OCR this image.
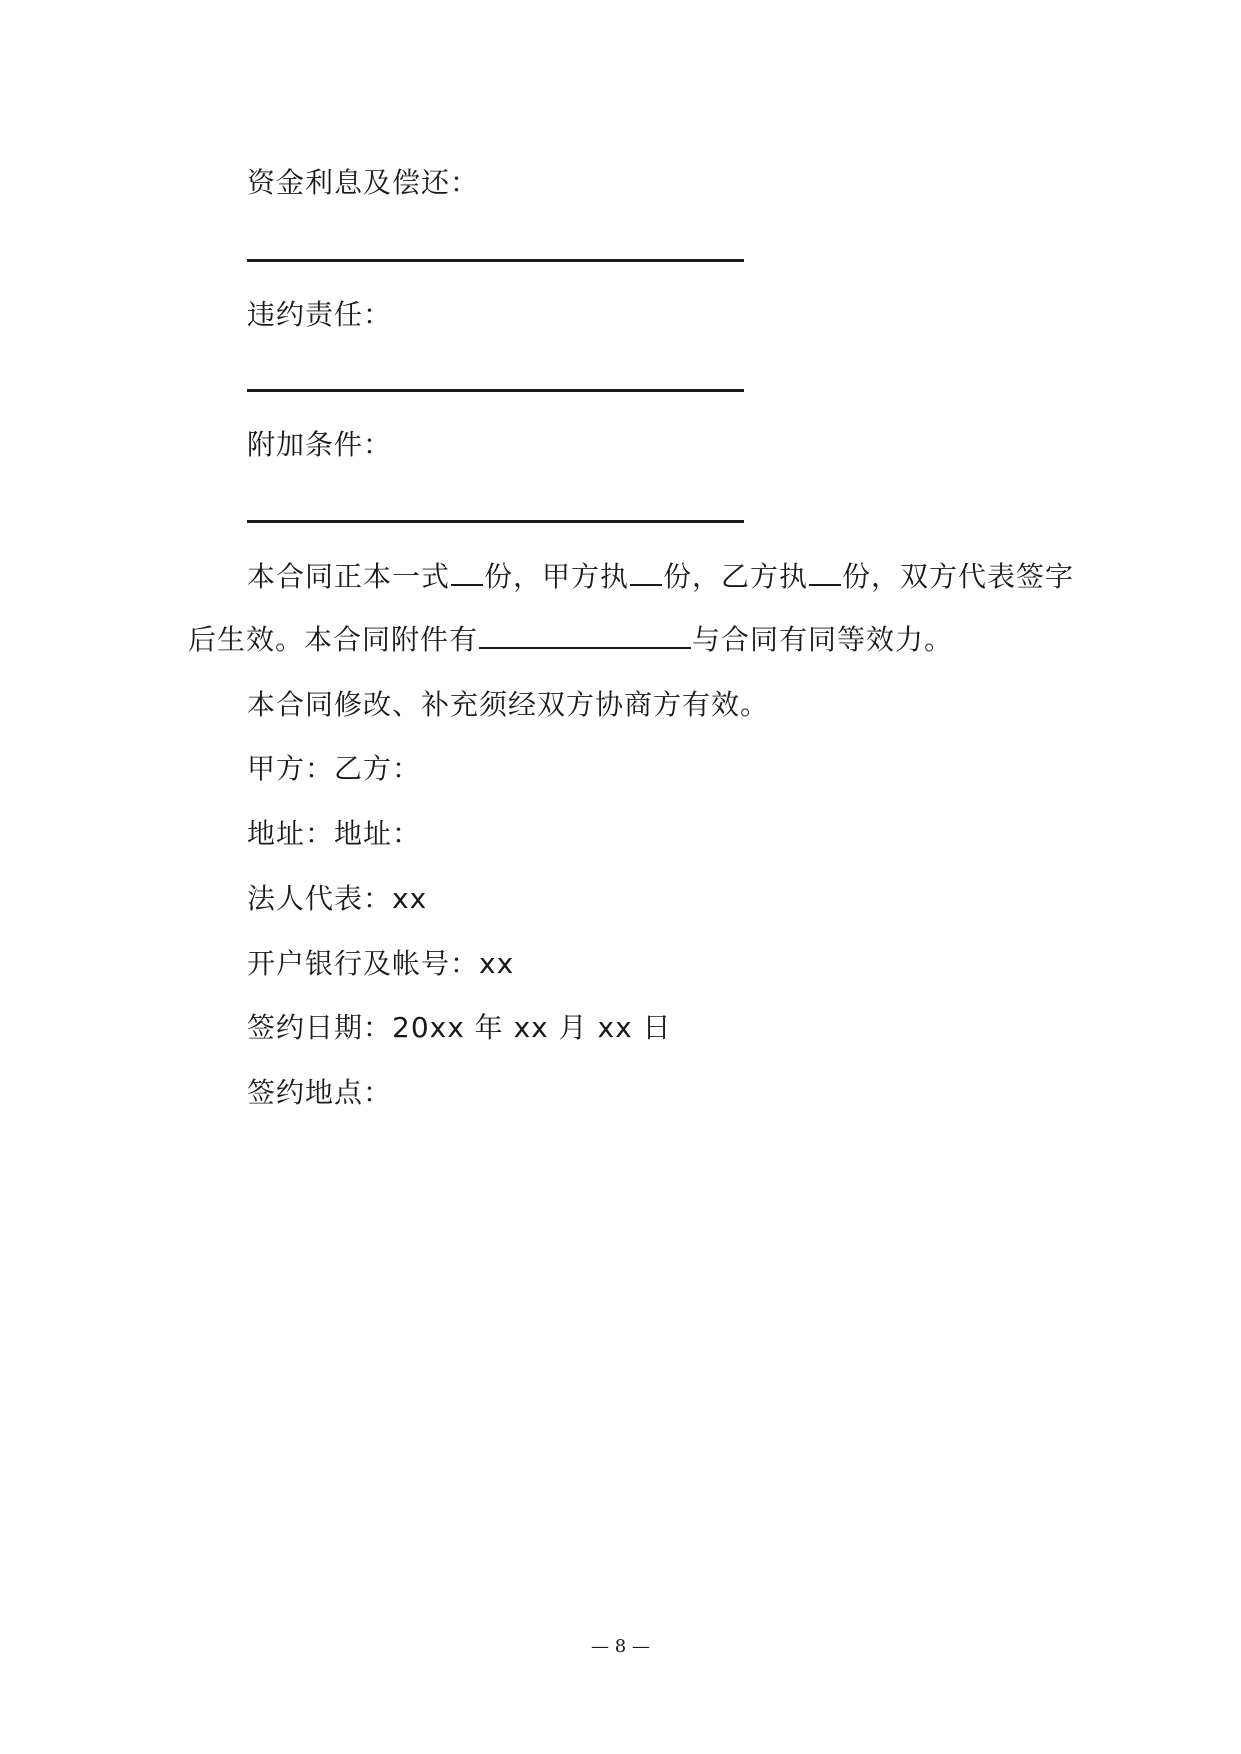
资金利息及偿还：
违约责任：
附加条件：
本合同正本一式 份，甲方执 份，乙方执 份，双方代表签字
后生效。本合同附件有	与合同有同等效力。
本合同修改、补充须经双方协商方有效。
甲方：乙方：
地址：地址：
法人代表：xx
开户银行及帐号：xx
签约日期：20xx 年 xx 月 xx 日
签约地点：
— 8 —
